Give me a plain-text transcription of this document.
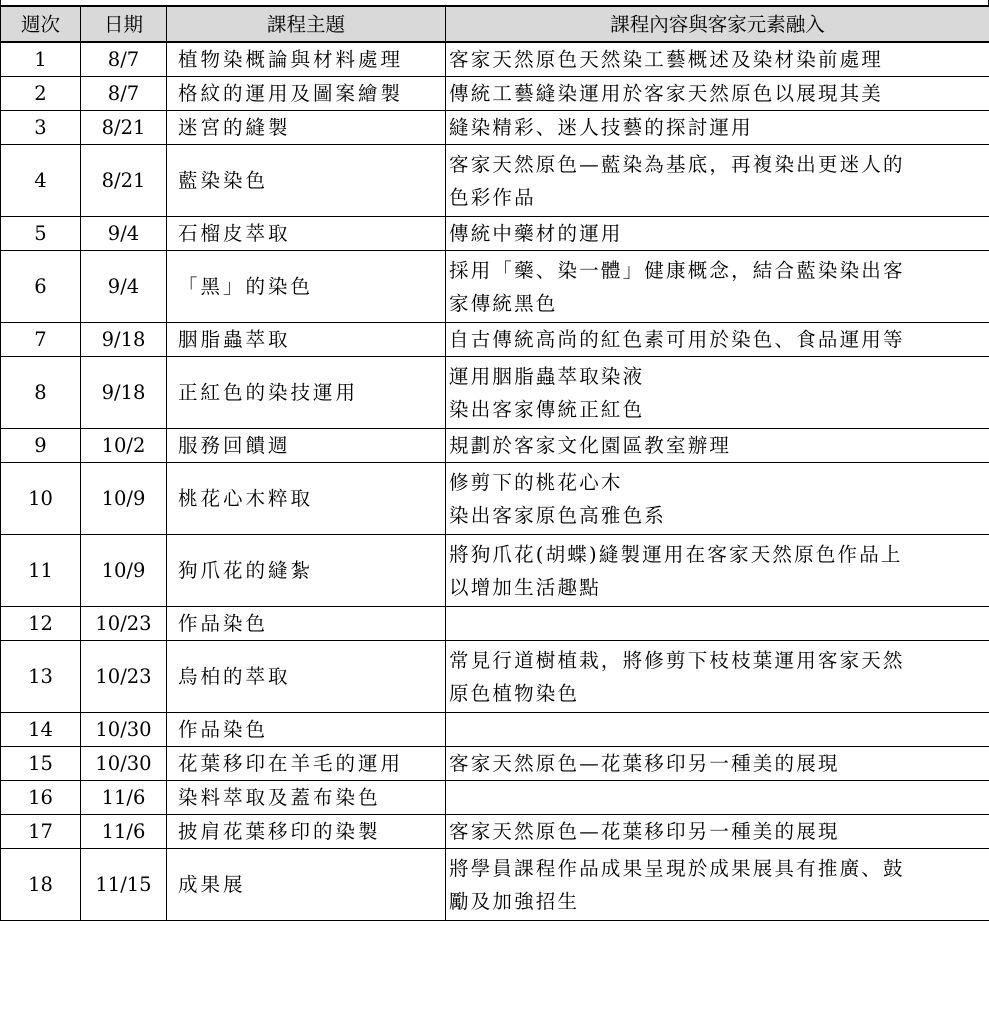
週次	日期	課程主題	課程內容與客家元素融入
1	8/7	植物染概論與材料處理	客家天然原色天然染工藝概述及染材染前處理

2	8/7	格紋的運用及圖案繪製	傳統工藝縫染運用於客家天然原色以展現其美

3	8/21	迷宮的縫製	縫染精彩、迷人技藝的探討運用

4	8/21	藍染染色	客家天然原色—藍染為基底，再複染出更迷人的
色彩作品

5	9/4	石榴皮萃取	傳統中藥材的運用

6	9/4	「黑」的染色	採用「藥、染一體」健康概念，結合藍染染出客
家傳統黑色

7	9/18	胭脂蟲萃取	自古傳統高尚的紅色素可用於染色、食品運用等

8	9/18	正紅色的染技運用	運用胭脂蟲萃取染液
染出客家傳統正紅色

9	10/2	服務回饋週	規劃於客家文化園區教室辦理

10	10/9	桃花心木粹取	修剪下的桃花心木
染出客家原色高雅色系

11	10/9	狗爪花的縫紮	將狗爪花(胡蝶)縫製運用在客家天然原色作品上
以增加生活趣點

12	10/23	作品染色	
13	10/23	烏柏的萃取	常見行道樹植栽，將修剪下枝枝葉運用客家天然
原色植物染色

14	10/30	作品染色	
15	10/30	花葉移印在羊毛的運用	客家天然原色—花葉移印另一種美的展現

16	11/6	染料萃取及蓋布染色	
17	11/6	披肩花葉移印的染製	客家天然原色—花葉移印另一種美的展現

18	11/15	成果展	將學員課程作品成果呈現於成果展具有推廣、鼓
勵及加強招生
